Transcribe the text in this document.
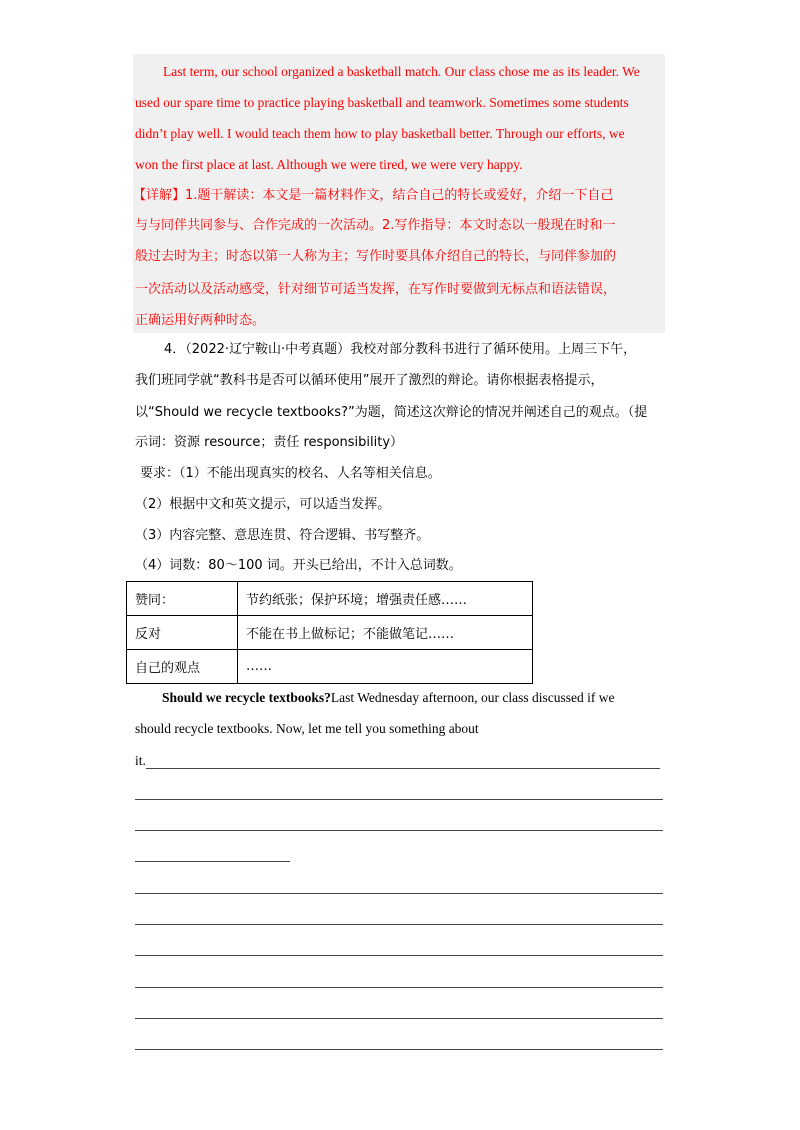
Last term, our school organized a basketball match. Our class chose me as its leader. We
used our spare time to practice playing basketball and teamwork. Sometimes some students
didn’t play well. I would teach them how to play basketball better. Through our efforts, we
won the first place at last. Although we were tired, we were very happy.
【详解】1.题干解读：本文是一篇材料作文，结合自己的特长或爱好，介绍一下自己
与与同伴共同参与、合作完成的一次活动。2.写作指导：本文时态以一般现在时和一
般过去时为主；时态以第一人称为主；写作时要具体介绍自己的特长，与同伴参加的
一次活动以及活动感受，针对细节可适当发挥，在写作时要做到无标点和语法错误，
正确运用好两种时态。
4．（2022·辽宁鞍山·中考真题）我校对部分教科书进行了循环使用。上周三下午，
我们班同学就“教科书是否可以循环使用”展开了激烈的辩论。请你根据表格提示，
以“Should we recycle textbooks?”为题，简述这次辩论的情况并阐述自己的观点。（提
示词：资源 resource；责任 responsibility）
要求：（1）不能出现真实的校名、人名等相关信息。
（2）根据中文和英文提示，可以适当发挥。
（3）内容完整、意思连贯、符合逻辑、书写整齐。
（4）词数：80～100 词。开头已给出，不计入总词数。
赞同：	节约纸张；保护环境；增强责任感……
反对	不能在书上做标记；不能做笔记……
自己的观点	……
Should we recycle textbooks?Last Wednesday afternoon, our class discussed if we
should recycle textbooks. Now, let me tell you something about
it.
